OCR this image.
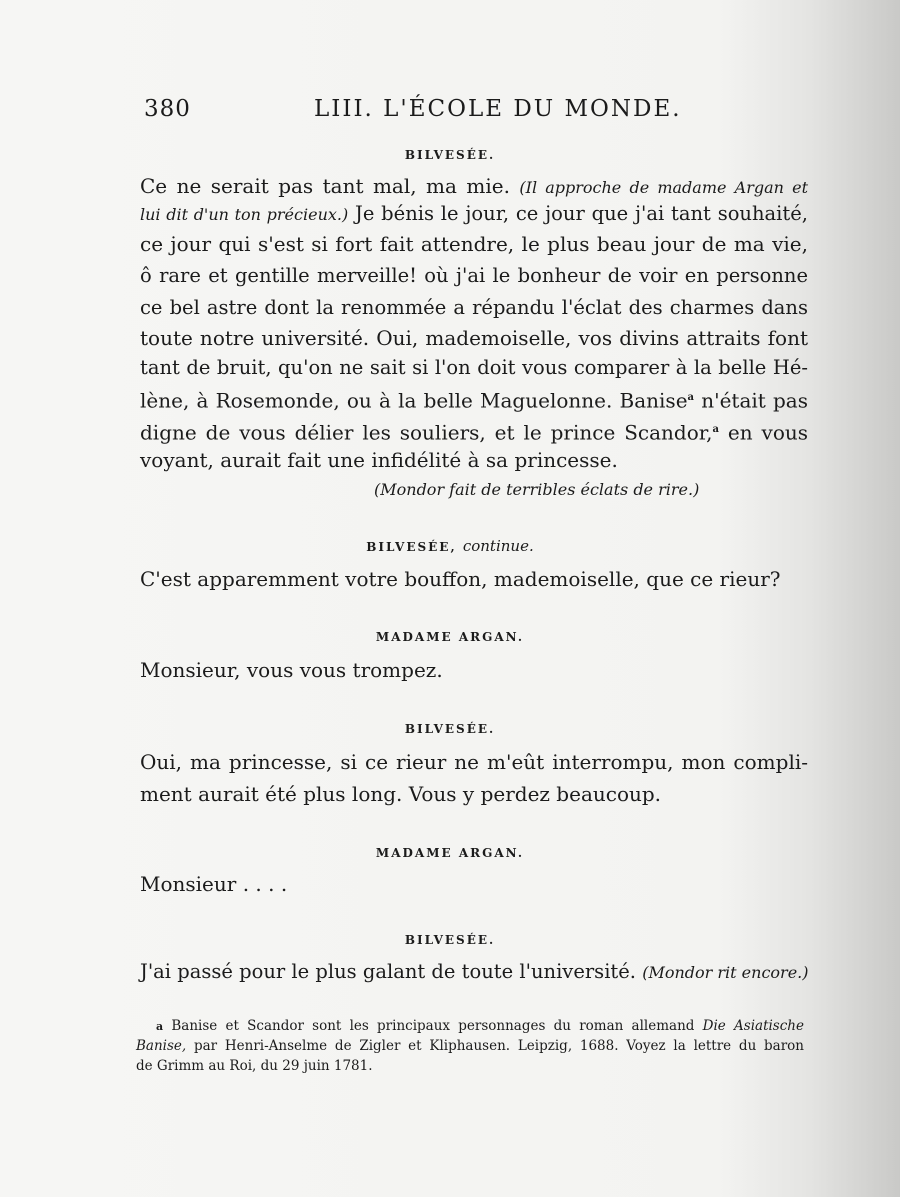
380	LIII. L'ÉCOLE DU MONDE.
BILVESÉE.
Ce ne serait pas tant mal, ma mie. (Il approche de madame Argan et
lui dit d'un ton précieux.) Je bénis le jour, ce jour que j'ai tant souhaité,
ce jour qui s'est si fort fait attendre, le plus beau jour de ma vie,
ô rare et gentille merveille! où j'ai le bonheur de voir en personne
ce bel astre dont la renommée a répandu l'éclat des charmes dans
toute notre université. Oui, mademoiselle, vos divins attraits font
tant de bruit, qu'on ne sait si l'on doit vous comparer à la belle Hé-
lène, à Rosemonde, ou à la belle Maguelonne. Banise$^a$ n'était pas
digne de vous délier les souliers, et le prince Scandor,$^a$ en vous
voyant, aurait fait une infidélité à sa princesse.
(Mondor fait de terribles éclats de rire.)
BILVESÉE, continue.
C'est apparemment votre bouffon, mademoiselle, que ce rieur?
MADAME ARGAN.
Monsieur, vous vous trompez.
BILVESÉE.
Oui, ma princesse, si ce rieur ne m'eût interrompu, mon compli-
ment aurait été plus long. Vous y perdez beaucoup.
MADAME ARGAN.
Monsieur . . . .
BILVESÉE.
J'ai passé pour le plus galant de toute l'université. (Mondor rit encore.)
a Banise et Scandor sont les principaux personnages du roman allemand Die Asiatische
Banise, par Henri-Anselme de Zigler et Kliphausen. Leipzig, 1688. Voyez la lettre du baron
de Grimm au Roi, du 29 juin 1781.
